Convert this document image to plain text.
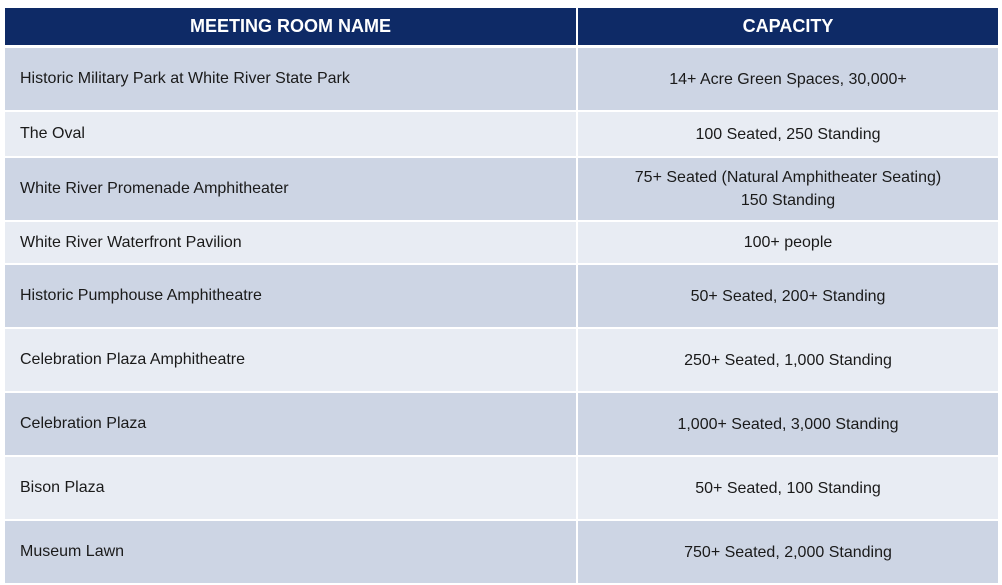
MEETING ROOM NAME	CAPACITY
Historic Military Park at White River State Park	14+ Acre Green Spaces, 30,000+

The Oval	100 Seated, 250 Standing

White River Promenade Amphitheater	75+ Seated (Natural Amphitheater Seating)
150 Standing

White River Waterfront Pavilion	100+ people

Historic Pumphouse Amphitheatre	50+ Seated, 200+ Standing

Celebration Plaza Amphitheatre	250+ Seated, 1,000 Standing

Celebration Plaza	1,000+ Seated, 3,000 Standing

Bison Plaza	50+ Seated, 100 Standing

Museum Lawn	750+ Seated, 2,000 Standing
